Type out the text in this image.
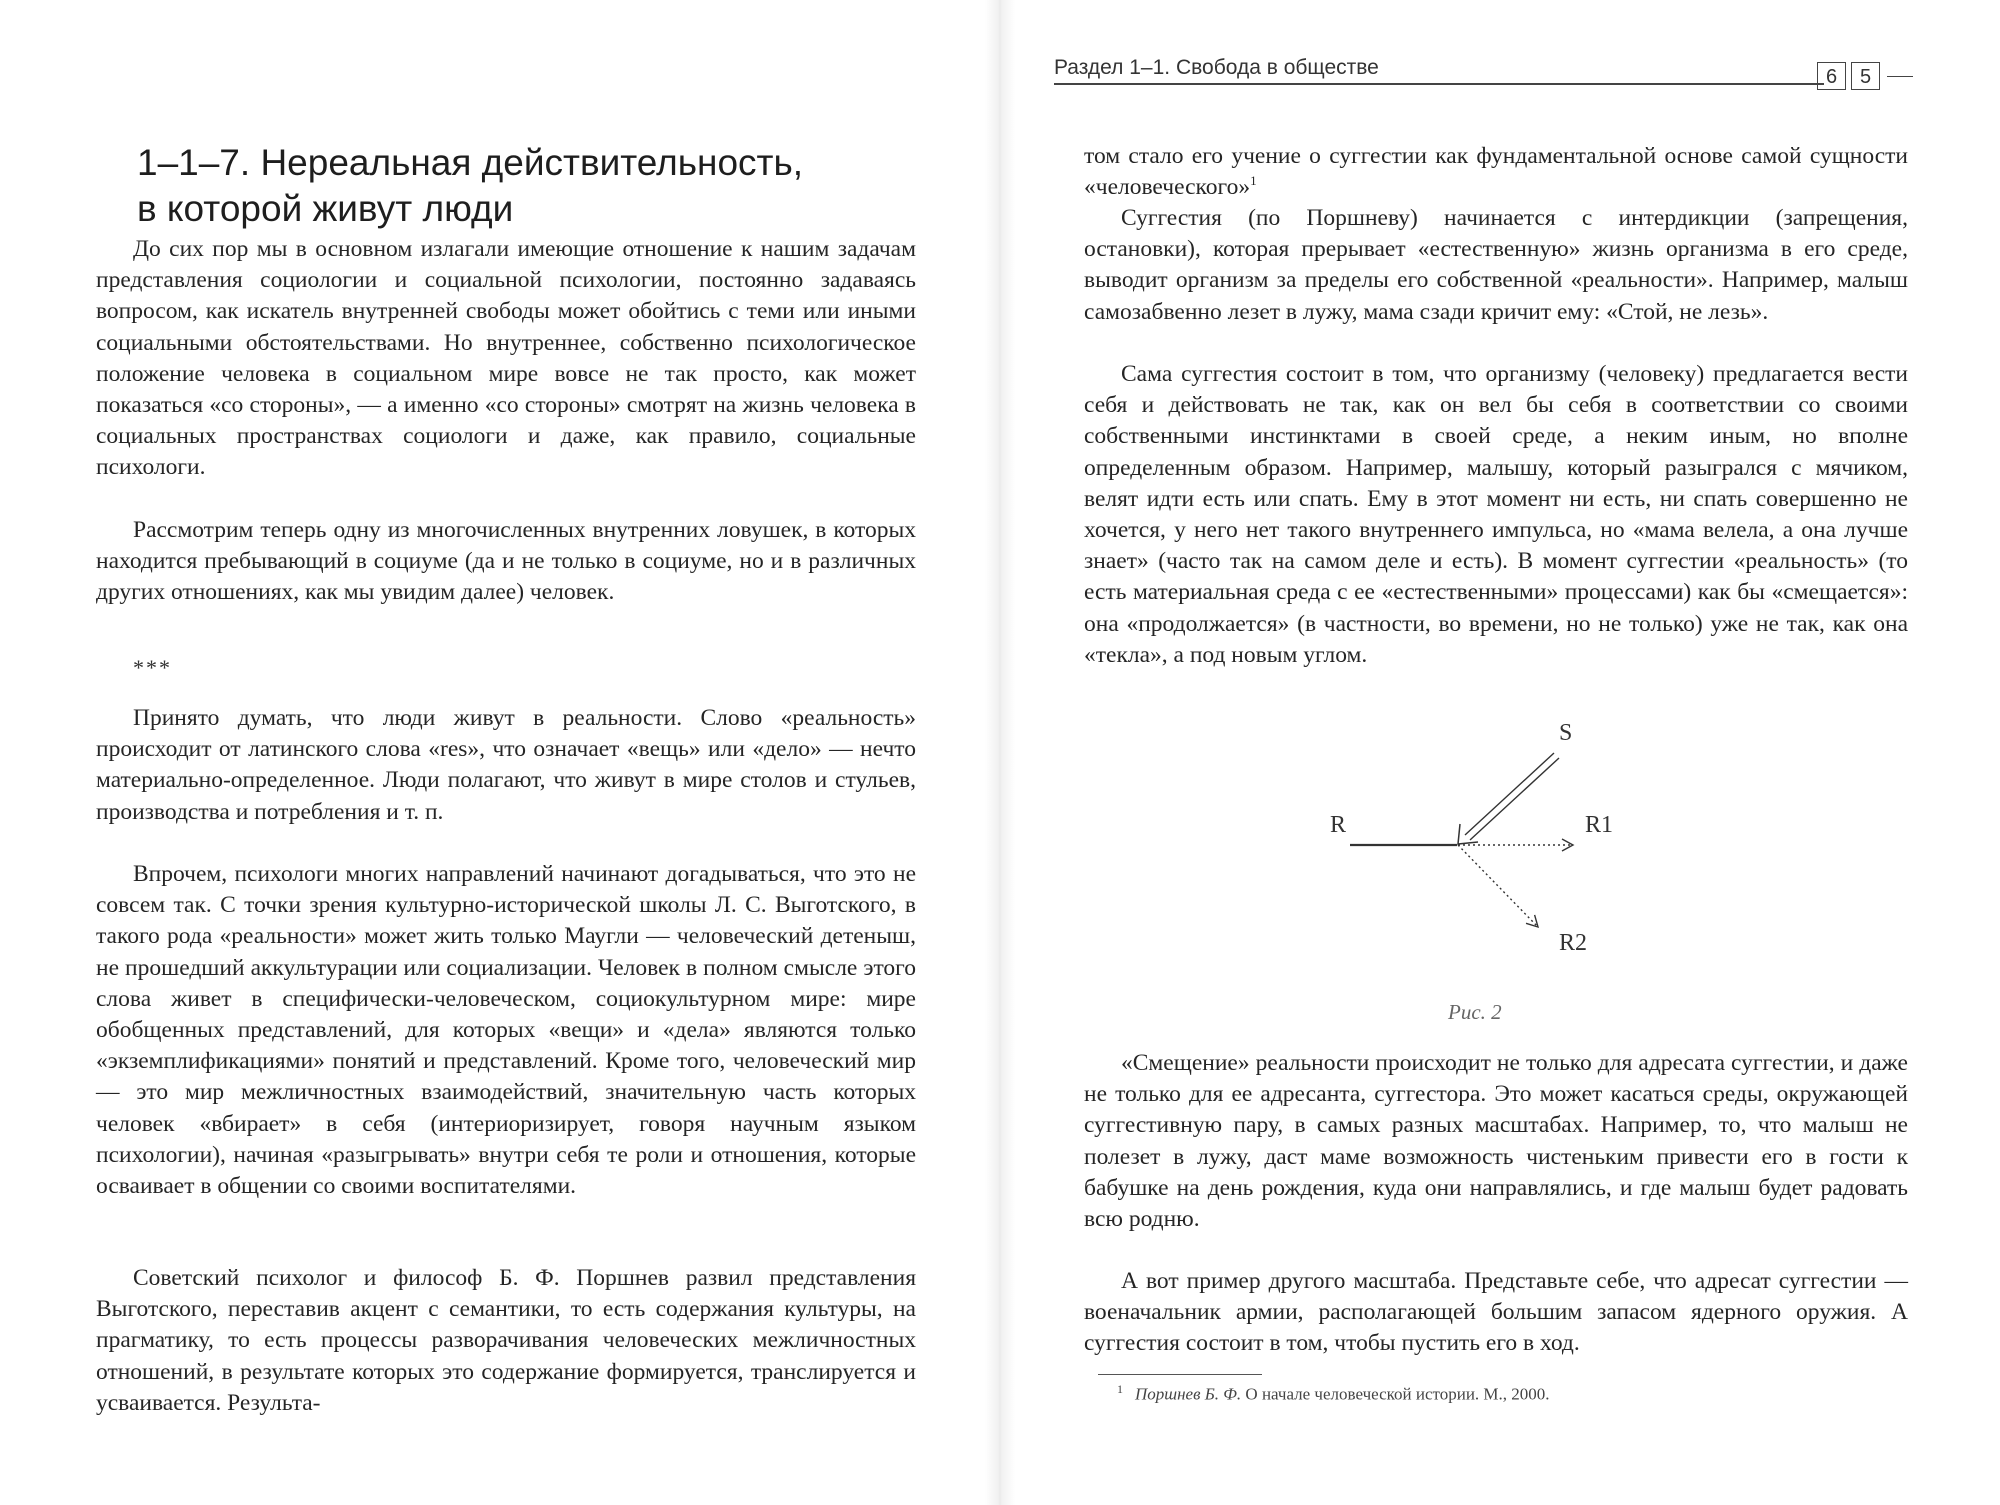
1–1–7. Нереальная действительность,
в которой живут люди

До сих пор мы в основном излагали имеющие отношение к нашим задачам представления социологии и социальной психологии, постоянно задаваясь вопросом, как искатель внутренней свободы может обойтись с теми или иными социальными обстоятельствами. Но внутреннее, собственно психологическое положение человека в социальном мире вовсе не так просто, как может показаться «со стороны», — а именно «со стороны» смотрят на жизнь человека в социальных пространствах социологи и даже, как правило, социальные психологи.

Рассмотрим теперь одну из многочисленных внутренних ловушек, в которых находится пребывающий в социуме (да и не только в социуме, но и в различных других отношениях, как мы увидим далее) человек.

***

Принято думать, что люди живут в реальности. Слово «реальность» происходит от латинского слова «res», что означает «вещь» или «дело» — нечто материально-определенное. Люди полагают, что живут в мире столов и стульев, производства и потребления и т. п.

Впрочем, психологи многих направлений начинают догадываться, что это не совсем так. С точки зрения культурно-исторической школы Л. С. Выготского, в такого рода «реальности» может жить только Маугли — человеческий детеныш, не прошедший аккультурации или социализации. Человек в полном смысле этого слова живет в специфически-человеческом, социокультурном мире: мире обобщенных представлений, для которых «вещи» и «дела» являются только «экземплификациями» понятий и представлений. Кроме того, человеческий мир — это мир межличностных взаимодействий, значительную часть которых человек «вбирает» в себя (интериоризирует, говоря научным языком психологии), начиная «разыгрывать» внутри себя те роли и отношения, которые осваивает в общении со своими воспитателями.

Советский психолог и философ Б. Ф. Поршнев развил представления Выготского, переставив акцент с семантики, то есть содержания культуры, на прагматику, то есть процессы разворачивания человеческих межличностных отношений, в результате которых это содержание формируется, транслируется и усваивается. Результа-

Раздел 1–1. Свобода в обществе	6	5

том стало его учение о суггестии как фундаментальной основе самой сущности «человеческого»$^1$

Суггестия (по Поршневу) начинается с интердикции (запрещения, остановки), которая прерывает «естественную» жизнь организма в его среде, выводит организм за пределы его собственной «реальности». Например, малыш самозабвенно лезет в лужу, мама сзади кричит ему: «Стой, не лезь».

Сама суггестия состоит в том, что организму (человеку) предлагается вести себя и действовать не так, как он вел бы себя в соответствии со своими собственными инстинктами в своей среде, а неким иным, но вполне определенным образом. Например, малышу, который разыгрался с мячиком, велят идти есть или спать. Ему в этот момент ни есть, ни спать совершенно не хочется, у него нет такого внутреннего импульса, но «мама велела, а она лучше знает» (часто так на самом деле и есть). В момент суггестии «реальность» (то есть материальная среда с ее «естественными» процессами) как бы «смещается»: она «продолжается» (в частности, во времени, но не только) уже не так, как она «текла», а под новым углом.

S
R	R1
R2
Рис. 2

«Смещение» реальности происходит не только для адресата суггестии, и даже не только для ее адресанта, суггестора. Это может касаться среды, окружающей суггестивную пару, в самых разных масштабах. Например, то, что малыш не полезет в лужу, даст маме возможность чистеньким привести его в гости к бабушке на день рождения, куда они направлялись, и где малыш будет радовать всю родню.

А вот пример другого масштаба. Представьте себе, что адресат суггестии — военачальник армии, располагающей большим запасом ядерного оружия. А суггестия состоит в том, чтобы пустить его в ход.

$^1$ Поршнев Б. Ф. О начале человеческой истории. М., 2000.
